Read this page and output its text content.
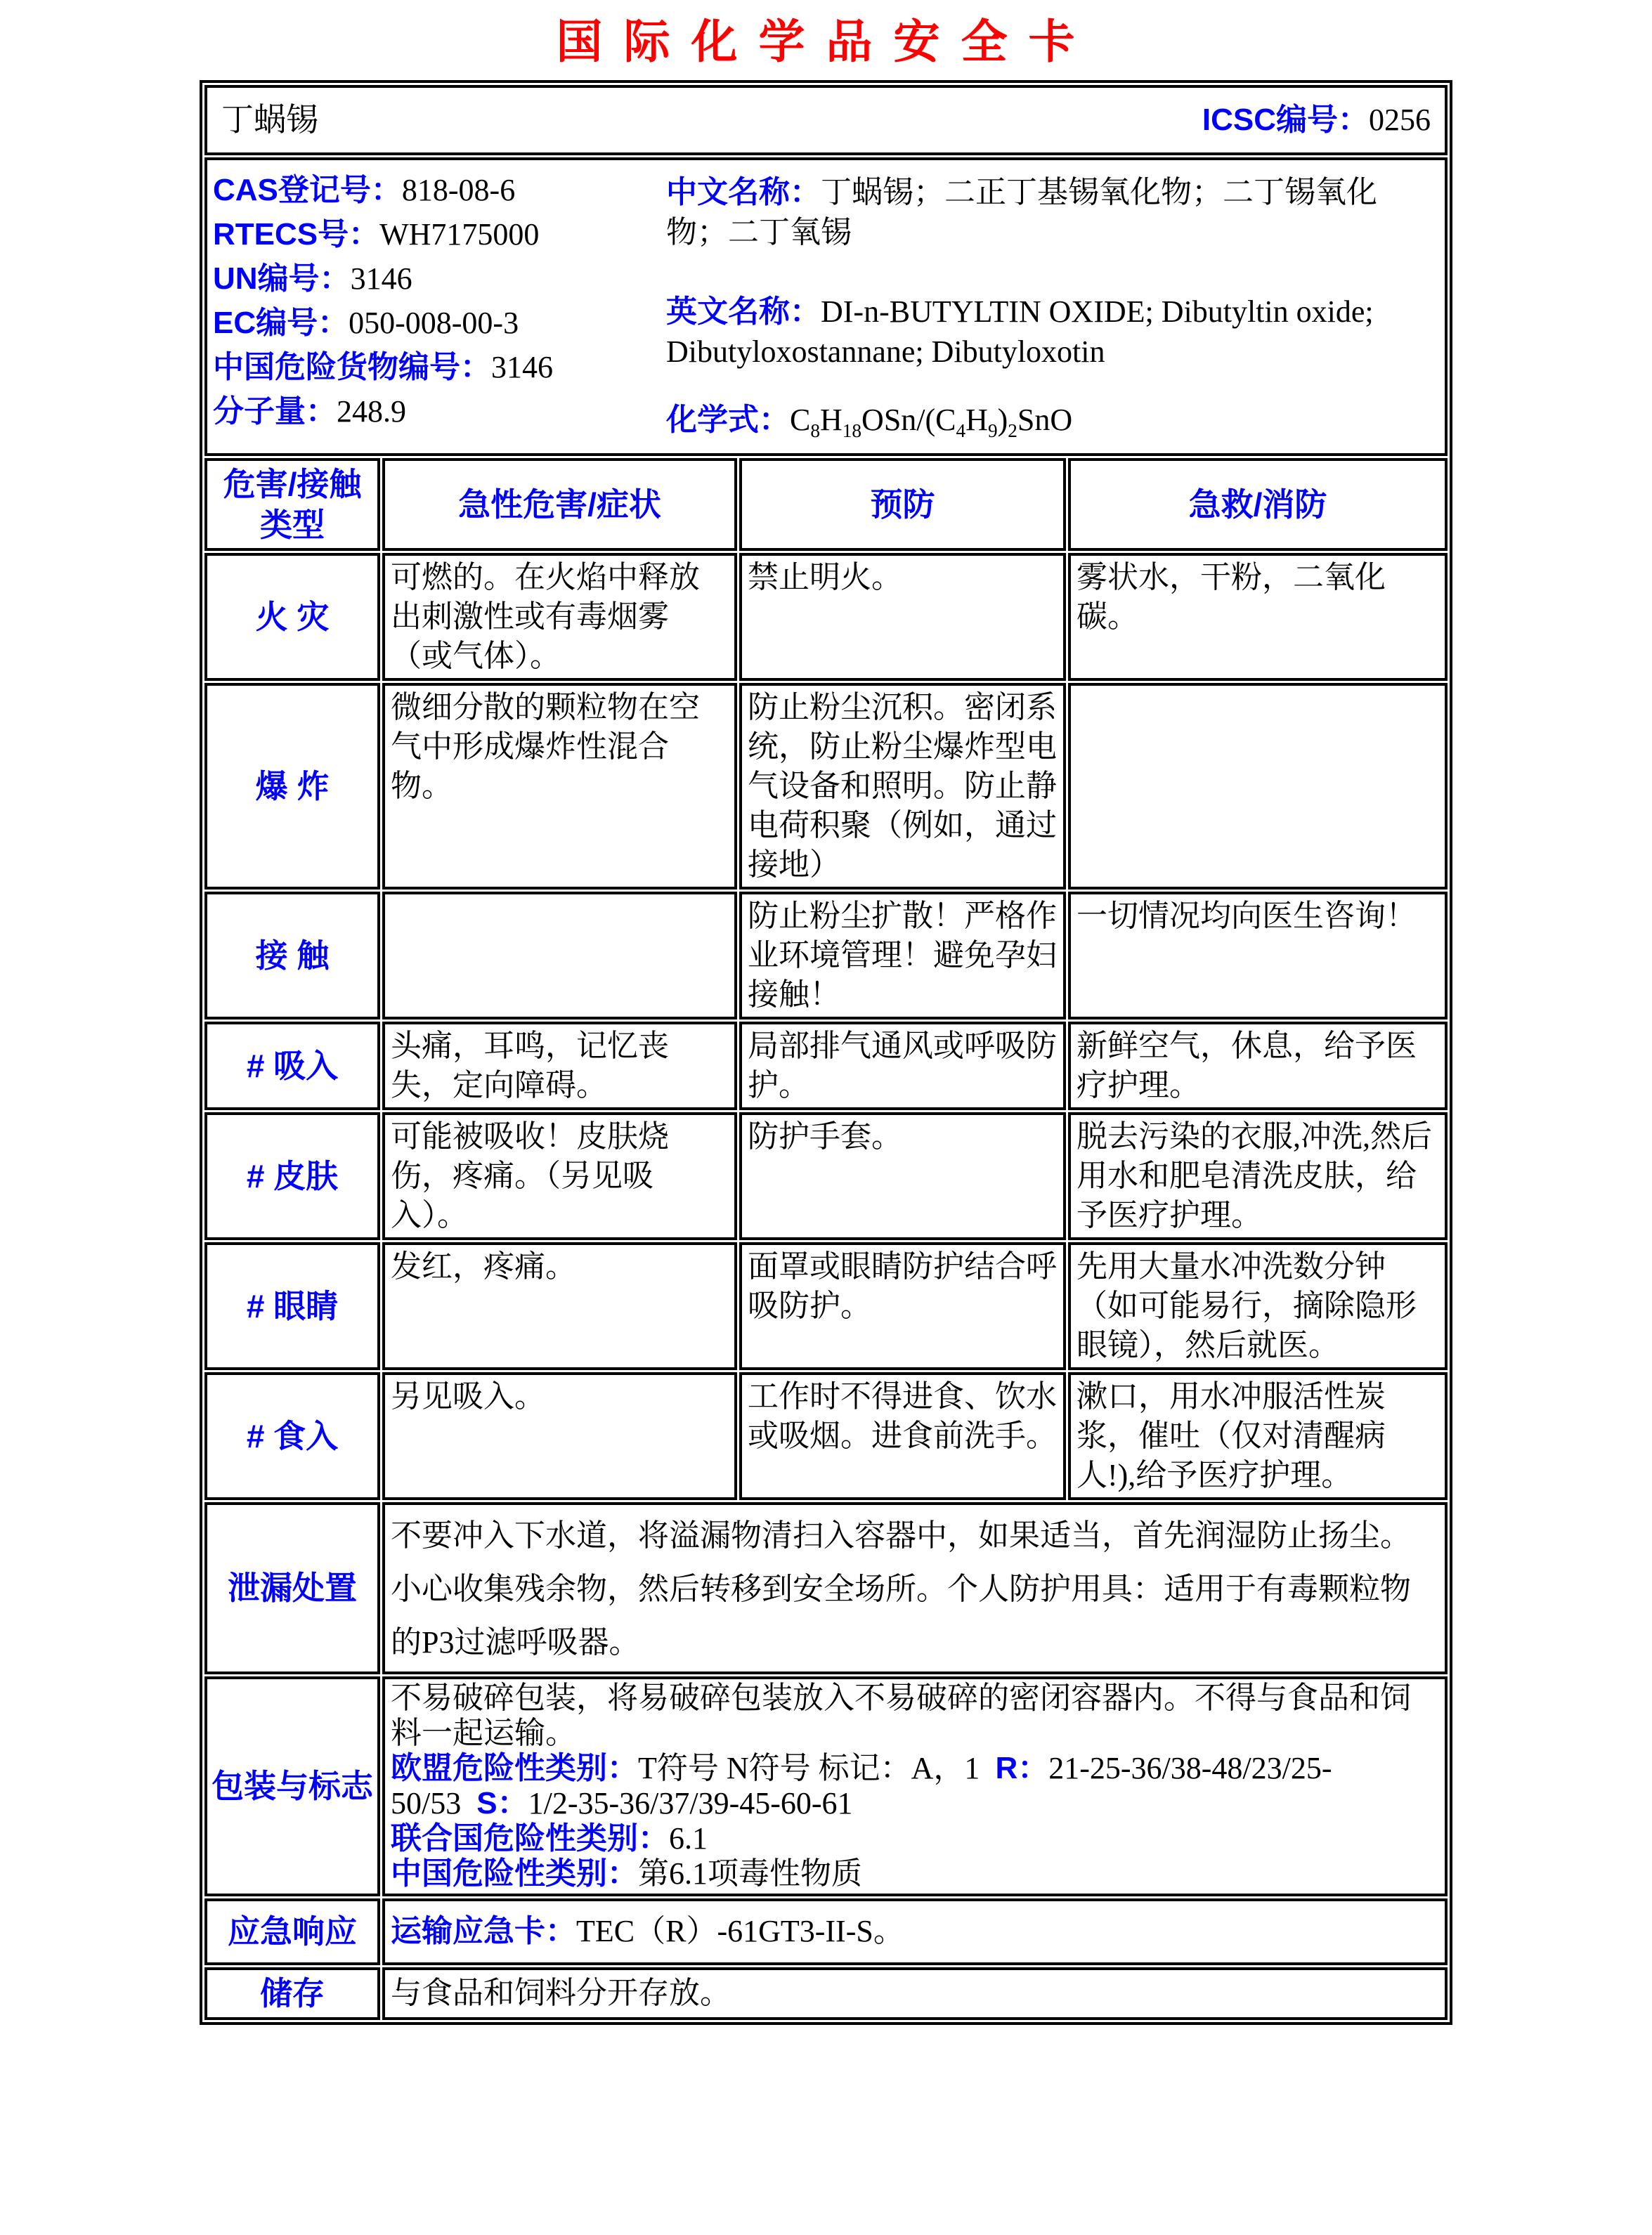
国际化学品安全卡
丁蜗锡 ICSC编号：0256			

CAS登记号：818-08-6
RTECS号：WH7175000
UN编号：3146
EC编号：050-008-00-3
中国危险货物编号：3146
分子量：248.9
中文名称：丁蜗锡；二正丁基锡氧化物；二丁锡氧化物；二丁氧锡
英文名称：DI-n-BUTYLTIN OXIDE; Dibutyltin oxide; Dibutyloxostannane; Dibutyloxotin
化学式：$C_8H_{18}OSn/(C_4H_9)_2SnO$

危害/接触类型	急性危害/症状	预防	急救/消防
火 灾	可燃的。在火焰中释放出刺激性或有毒烟雾（或气体）。	禁止明火。	雾状水，干粉，二氧化碳。
爆 炸	微细分散的颗粒物在空气中形成爆炸性混合物。	防止粉尘沉积。密闭系统，防止粉尘爆炸型电气设备和照明。防止静电荷积聚（例如，通过接地）	
接 触		防止粉尘扩散！严格作业环境管理！避免孕妇接触！	一切情况均向医生咨询！
# 吸入	头痛，耳鸣，记忆丧失，定向障碍。	局部排气通风或呼吸防护。	新鲜空气，休息，给予医疗护理。
# 皮肤	可能被吸收！皮肤烧伤，疼痛。（另见吸入）。	防护手套。	脱去污染的衣服,冲洗,然后用水和肥皂清洗皮肤，给予医疗护理。
# 眼睛	发红，疼痛。	面罩或眼睛防护结合呼吸防护。	先用大量水冲洗数分钟（如可能易行，摘除隐形眼镜），然后就医。
# 食入	另见吸入。	工作时不得进食、饮水或吸烟。进食前洗手。	漱口，用水冲服活性炭浆，催吐（仅对清醒病人!),给予医疗护理。
泄漏处置	不要冲入下水道，将溢漏物清扫入容器中，如果适当，首先润湿防止扬尘。小心收集残余物，然后转移到安全场所。个人防护用具：适用于有毒颗粒物的P3过滤呼吸器。		
包装与标志	不易破碎包装，将易破碎包装放入不易破碎的密闭容器内。不得与食品和饲料一起运输。
欧盟危险性类别：T符号 N符号 标记：A，1 R：21-25-36/38-48/23/25-50/53 S：1/2-35-36/37/39-45-60-61
联合国危险性类别：6.1
中国危险性类别：第6.1项毒性物质		

应急响应	运输应急卡：TEC（R）-61GT3-II-S。		
储存	与食品和饲料分开存放。		
